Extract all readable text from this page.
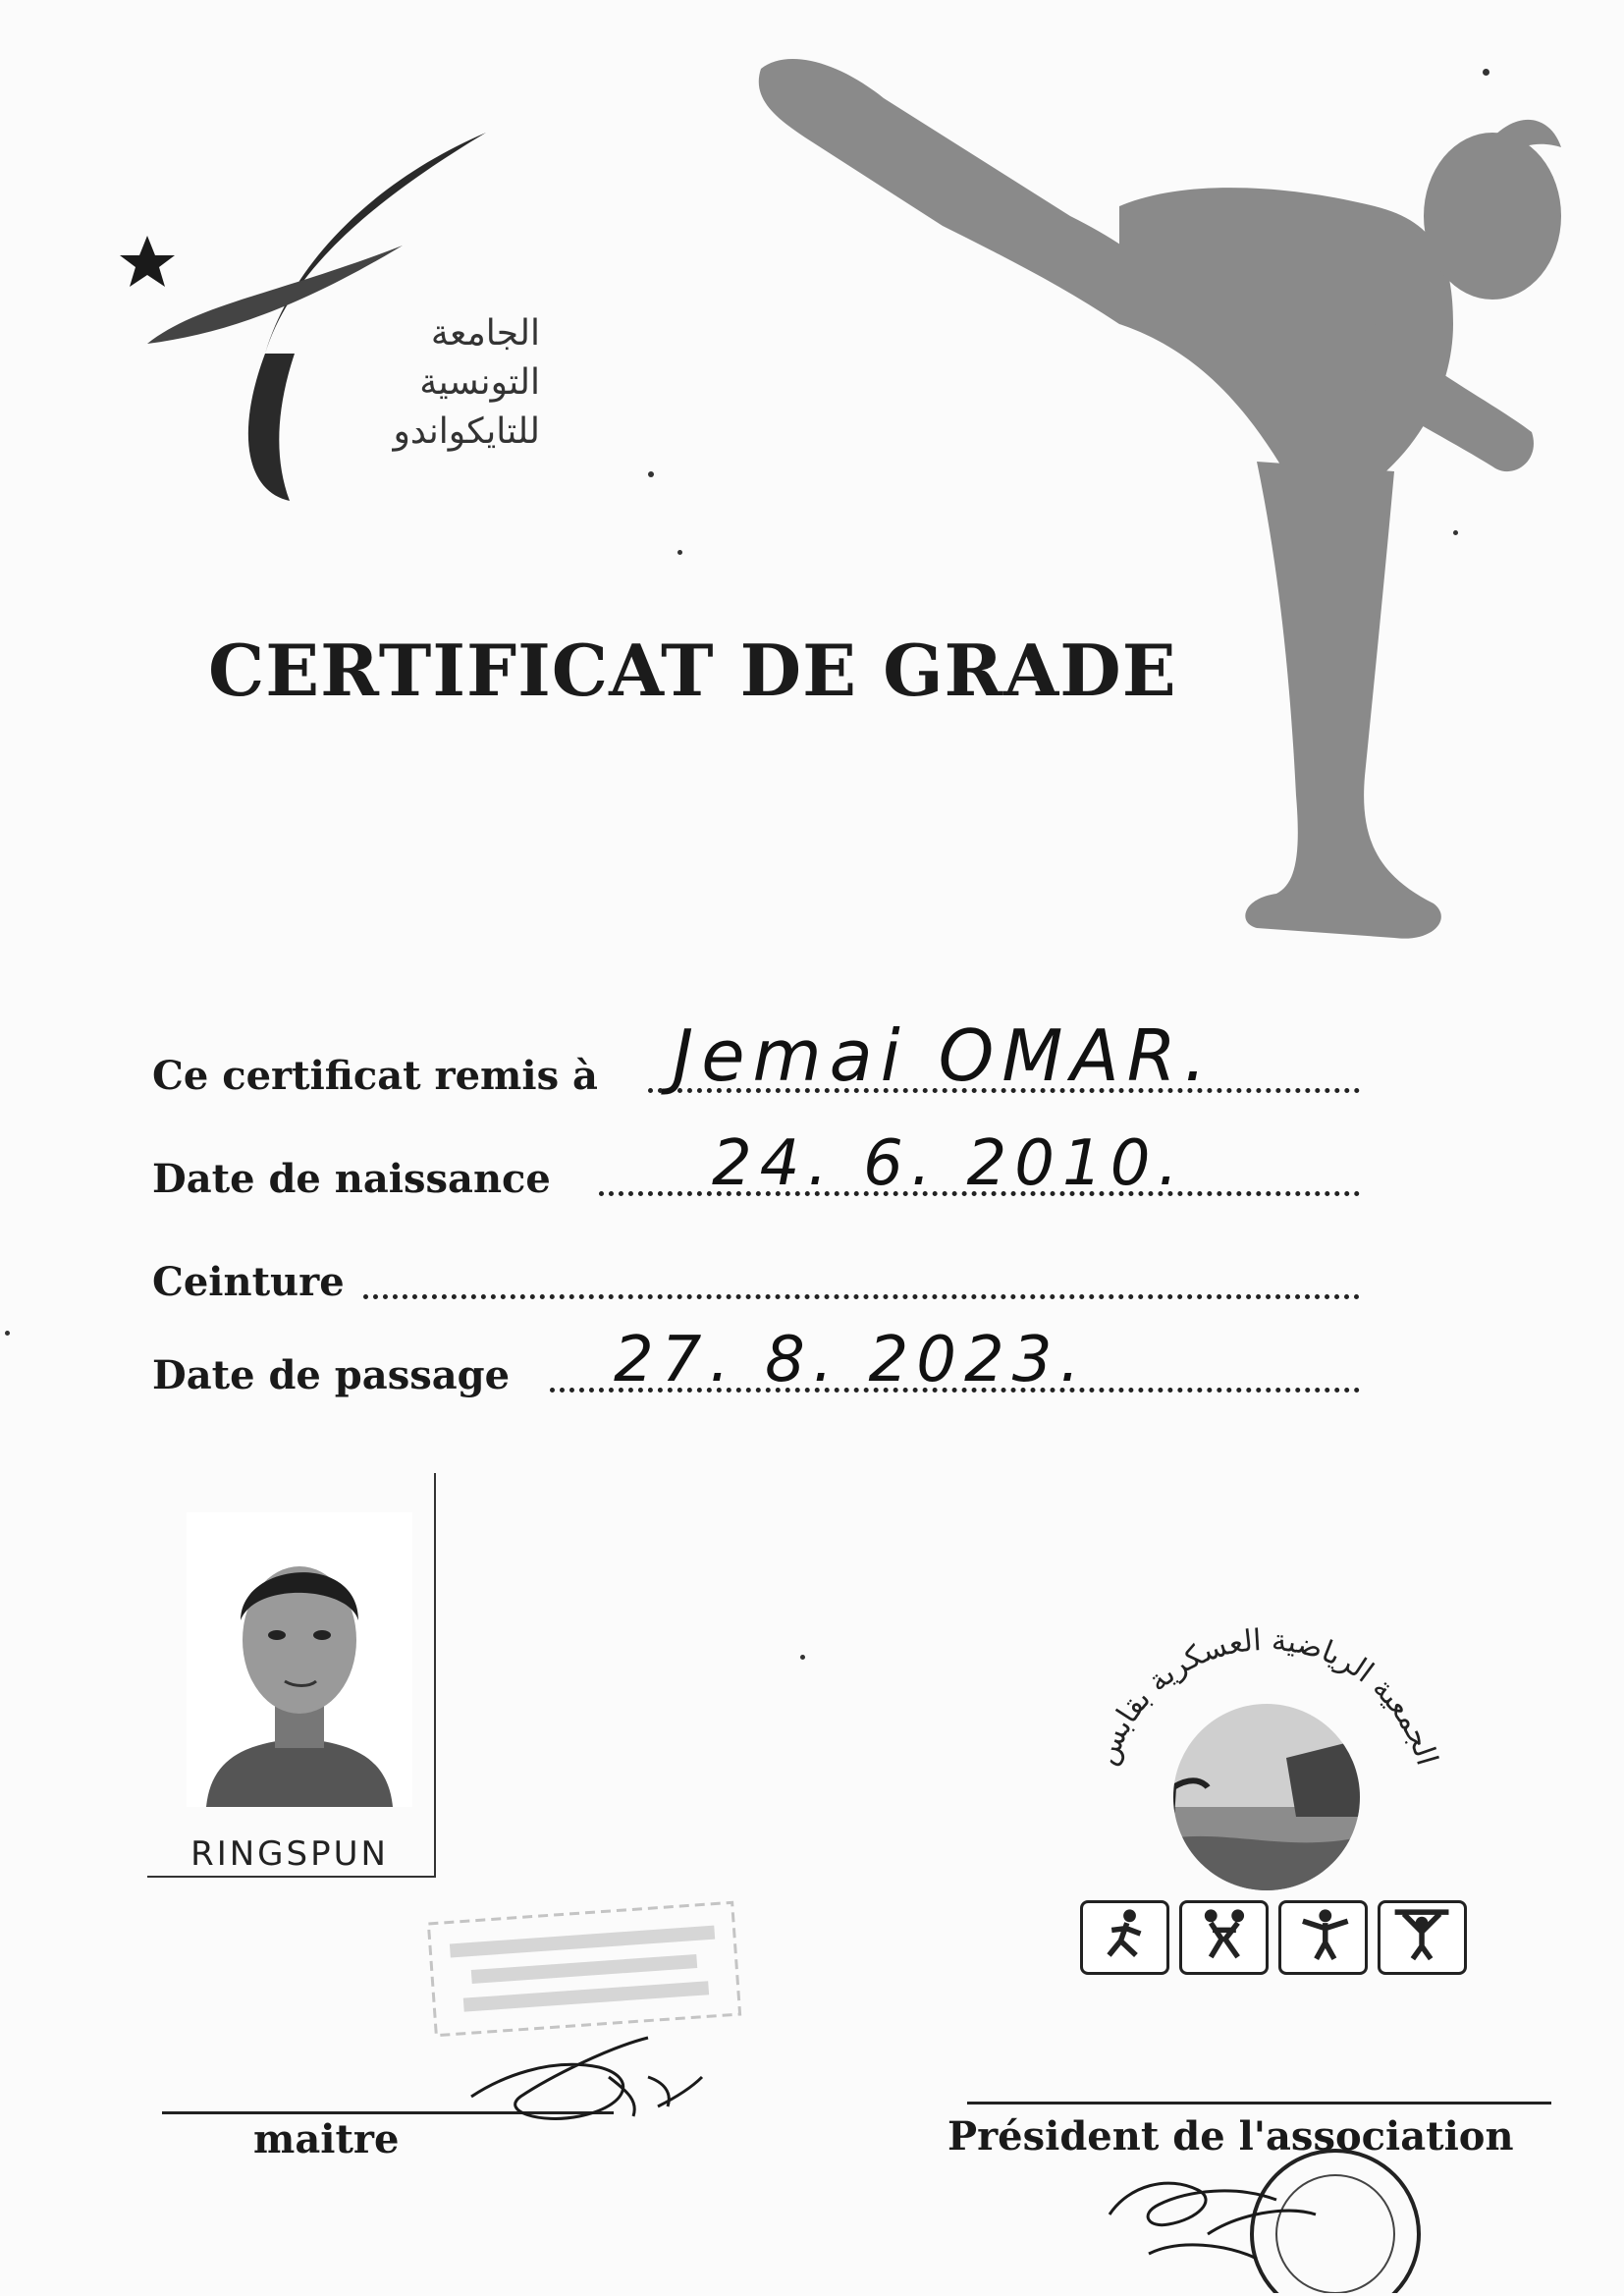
الجامعة
التونسية
للتايكواندو
CERTIFICAT DE GRADE
Ce certificat remis à Jemai OMAR.
Date de naissance	24. 6. 2010.
Ceinture
Date de passage 27. 8. 2023.
RINGSPUN
الجمعية الرياضية العسكرية بقابس
maitre	Président de l'association
